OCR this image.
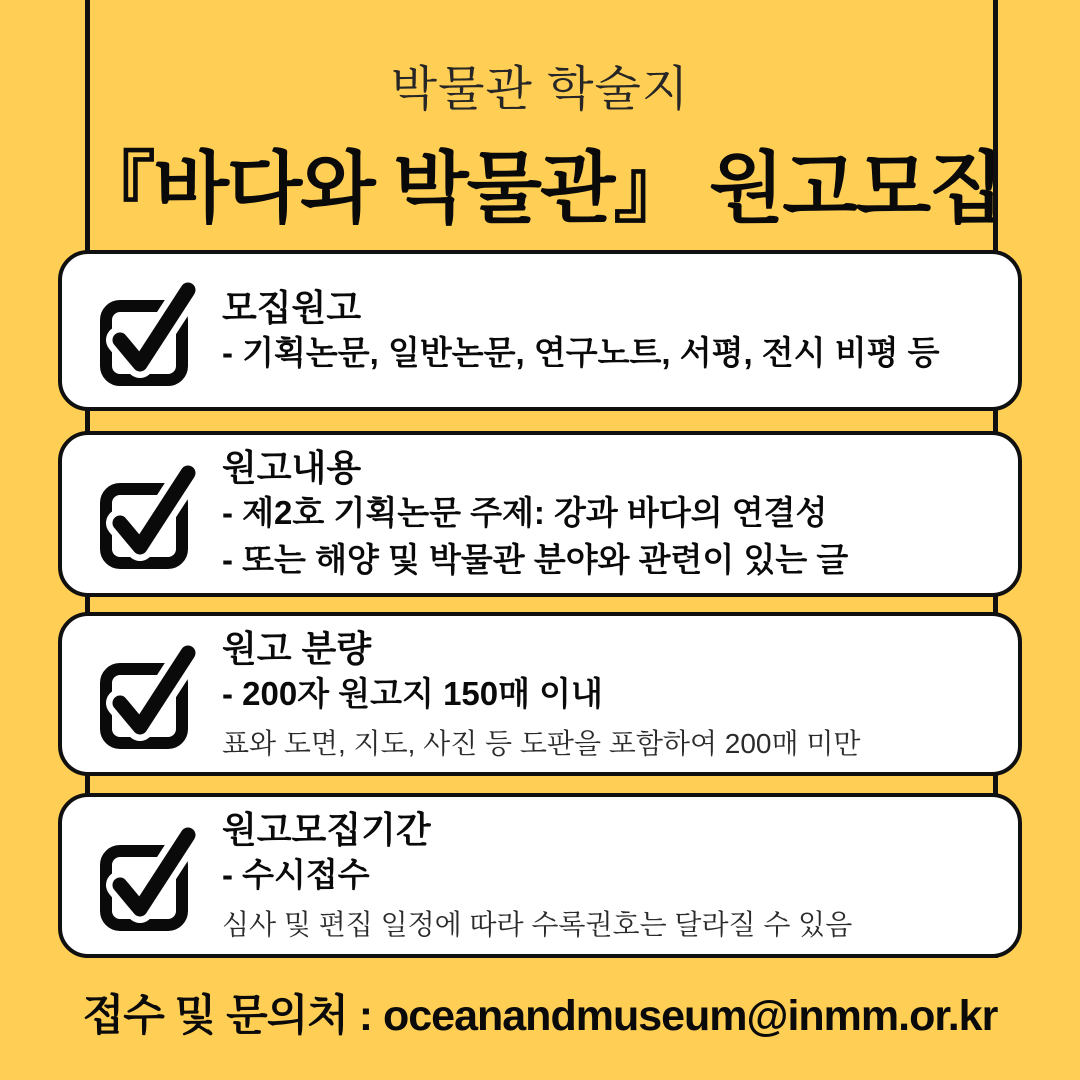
박물관 학술지
『바다와 박물관』 원고모집
모집원고
- 기획논문, 일반논문, 연구노트, 서평, 전시 비평 등
원고내용
- 제2호 기획논문 주제: 강과 바다의 연결성
- 또는 해양 및 박물관 분야와 관련이 있는 글
원고 분량
- 200자 원고지 150매 이내
표와 도면, 지도, 사진 등 도판을 포함하여 200매 미만
원고모집기간
- 수시접수
심사 및 편집 일정에 따라 수록권호는 달라질 수 있음
접수 및 문의처 : oceanandmuseum@inmm.or.kr
